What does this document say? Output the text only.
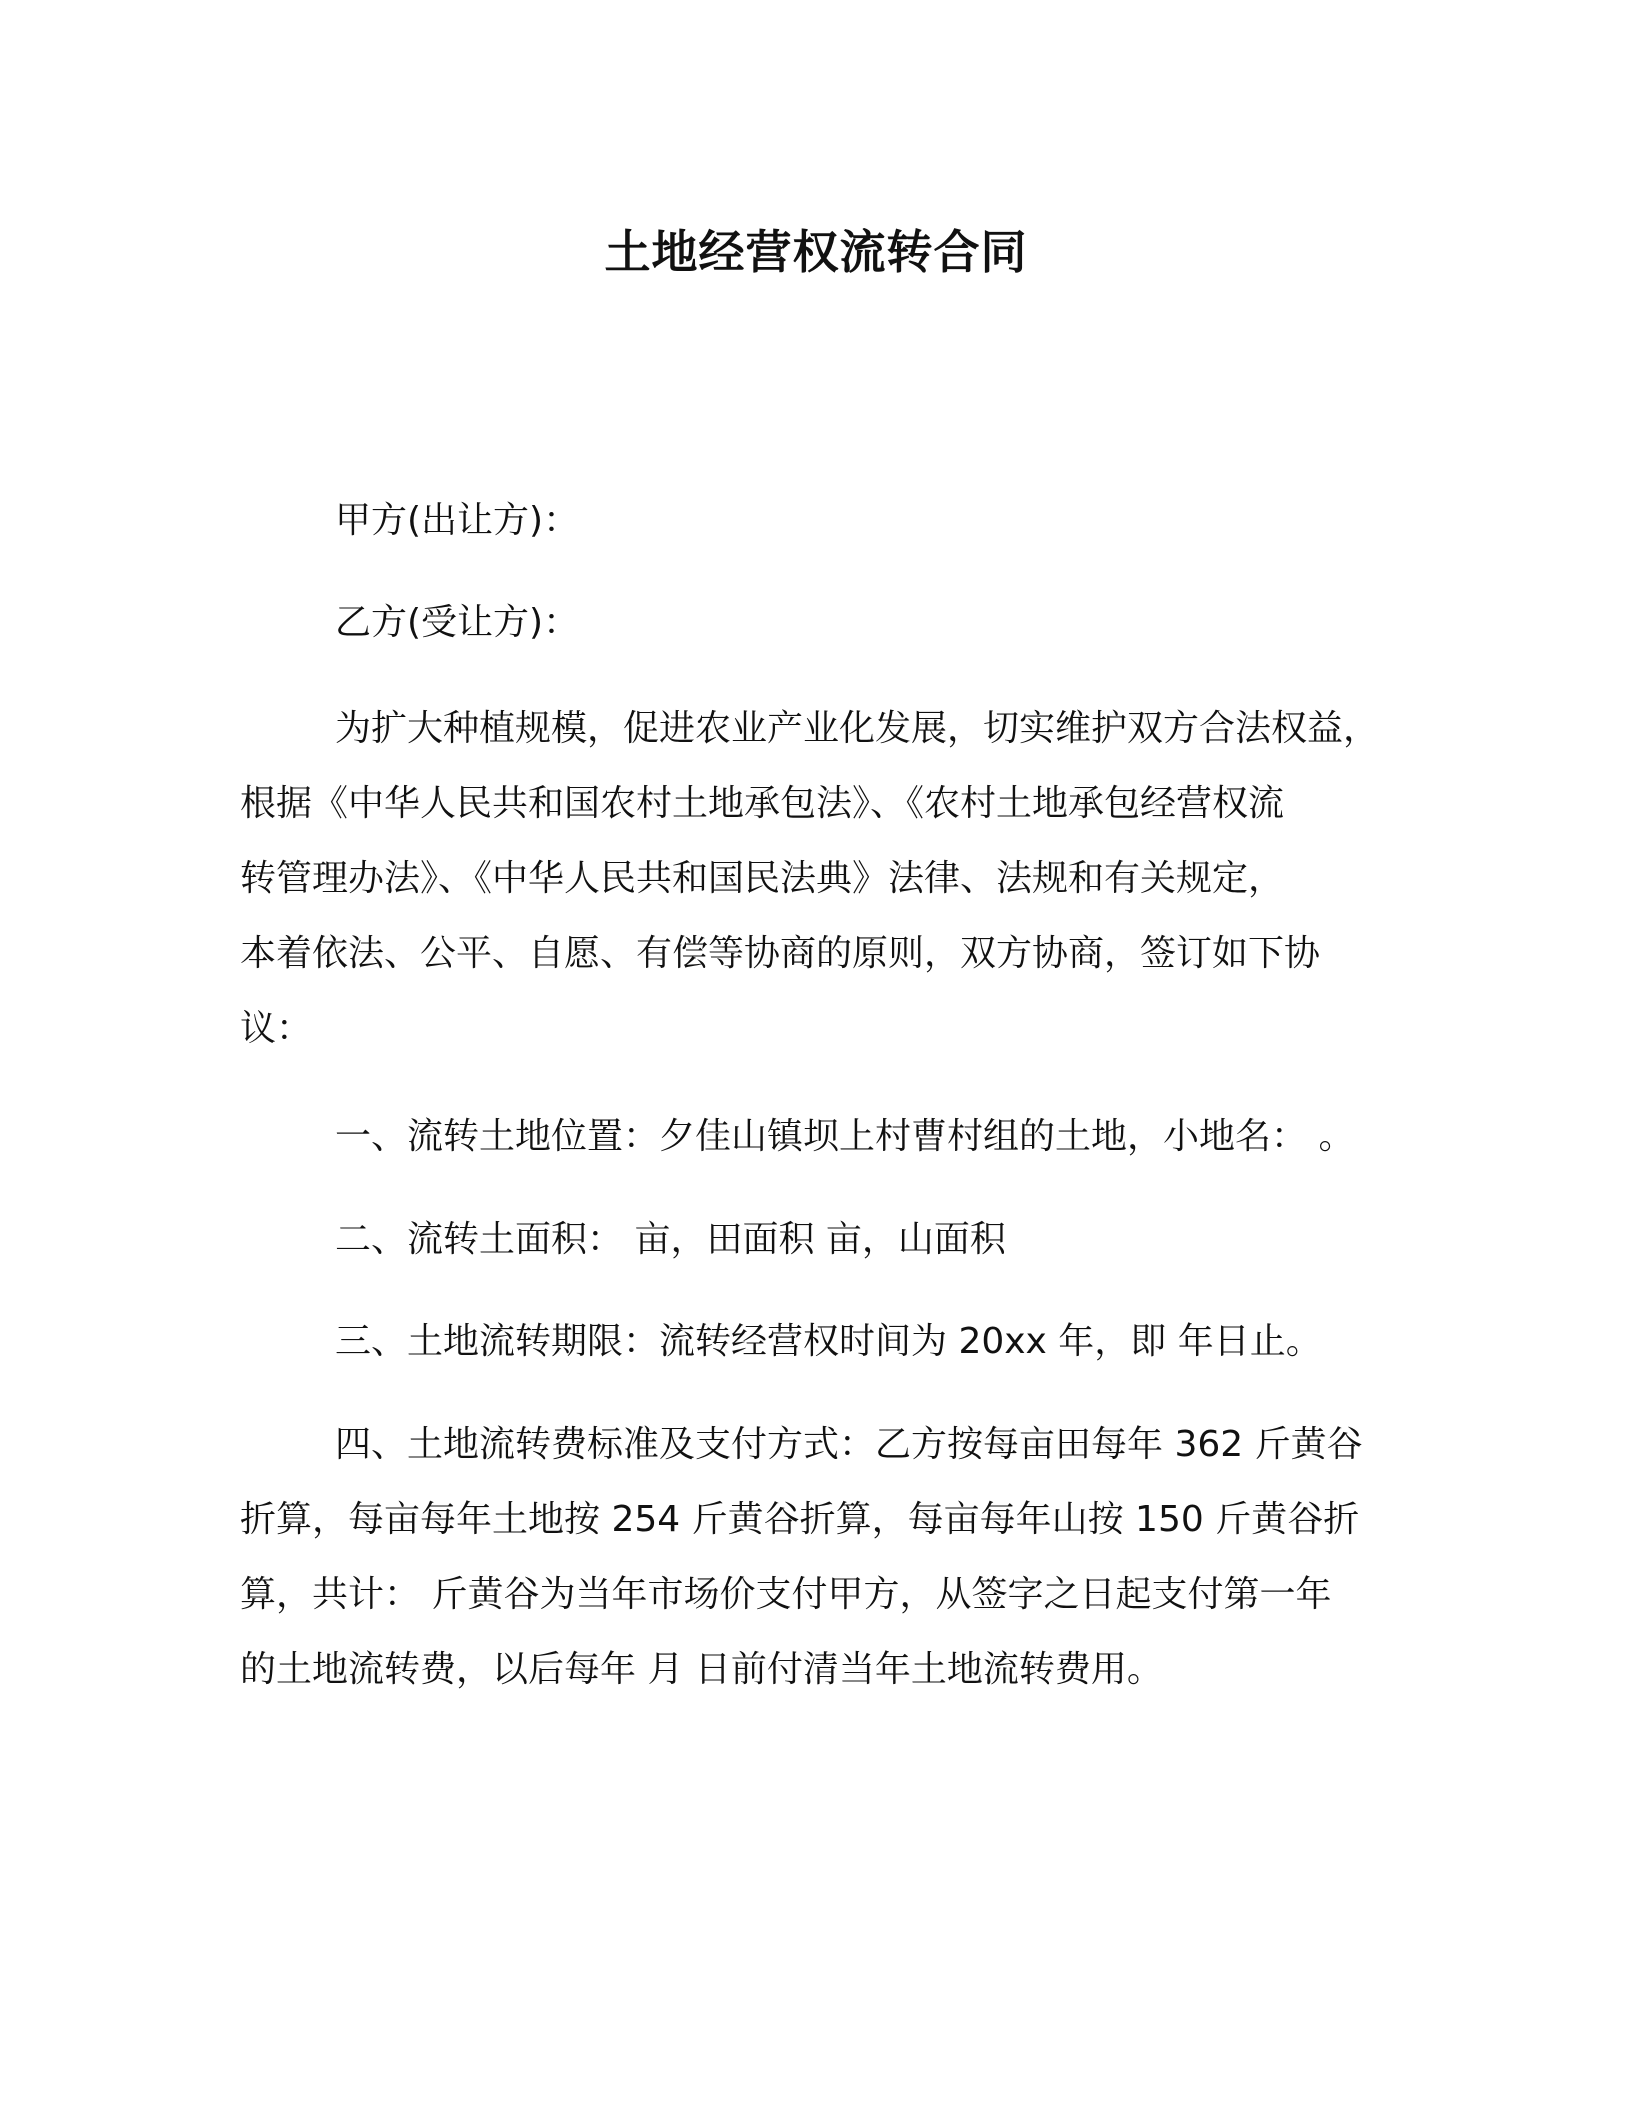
土地经营权流转合同
甲方(出让方)：
乙方(受让方)：
为扩大种植规模，促进农业产业化发展，切实维护双方合法权益，
根据《中华人民共和国农村土地承包法》、《农村土地承包经营权流
转管理办法》、《中华人民共和国民法典》法律、法规和有关规定，
本着依法、公平、自愿、有偿等协商的原则，双方协商，签订如下协
议：
一、流转土地位置：夕佳山镇坝上村曹村组的土地，小地名： 。
二、流转土面积： 亩，田面积 亩，山面积
三、土地流转期限：流转经营权时间为 20xx 年，即 年日止。
四、土地流转费标准及支付方式：乙方按每亩田每年 362 斤黄谷
折算，每亩每年土地按 254 斤黄谷折算，每亩每年山按 150 斤黄谷折
算，共计： 斤黄谷为当年市场价支付甲方，从签字之日起支付第一年
的土地流转费，以后每年 月 日前付清当年土地流转费用。
